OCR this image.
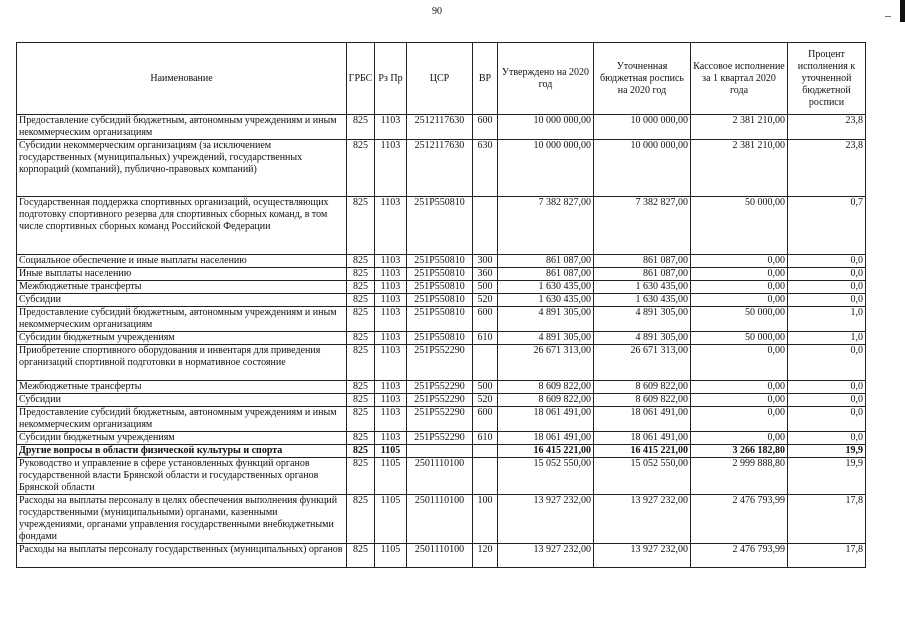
90
Наименование	ГРБС	Рз Пр	ЦСР	ВР	Утверждено на 2020 год	Уточненная бюджетная роспись на 2020 год	Кассовое исполнение за 1 квартал 2020 года	Процент исполнения к уточненной бюджетной росписи
Предоставление субсидий бюджетным, автономным учреждениям и иным некоммерческим организациям	825	1103	2512117630	600	10 000 000,00	10 000 000,00	2 381 210,00	23,8
Субсидии некоммерческим организациям (за исключением государственных (муниципальных) учреждений, государственных корпораций (компаний), публично-правовых компаний)	825	1103	2512117630	630	10 000 000,00	10 000 000,00	2 381 210,00	23,8
Государственная поддержка спортивных организаций, осуществляющих подготовку спортивного резерва для спортивных сборных команд, в том числе спортивных сборных команд Российской Федерации	825	1103	251P550810		7 382 827,00	7 382 827,00	50 000,00	0,7
Социальное обеспечение и иные выплаты населению	825	1103	251P550810	300	861 087,00	861 087,00	0,00	0,0
Иные выплаты населению	825	1103	251P550810	360	861 087,00	861 087,00	0,00	0,0
Межбюджетные трансферты	825	1103	251P550810	500	1 630 435,00	1 630 435,00	0,00	0,0
Субсидии	825	1103	251P550810	520	1 630 435,00	1 630 435,00	0,00	0,0
Предоставление субсидий бюджетным, автономным учреждениям и иным некоммерческим организациям	825	1103	251P550810	600	4 891 305,00	4 891 305,00	50 000,00	1,0
Субсидии бюджетным учреждениям	825	1103	251P550810	610	4 891 305,00	4 891 305,00	50 000,00	1,0
Приобретение спортивного оборудования и инвентаря для приведения организаций спортивной подготовки в нормативное состояние	825	1103	251P552290		26 671 313,00	26 671 313,00	0,00	0,0
Межбюджетные трансферты	825	1103	251P552290	500	8 609 822,00	8 609 822,00	0,00	0,0
Субсидии	825	1103	251P552290	520	8 609 822,00	8 609 822,00	0,00	0,0
Предоставление субсидий бюджетным, автономным учреждениям и иным некоммерческим организациям	825	1103	251P552290	600	18 061 491,00	18 061 491,00	0,00	0,0
Субсидии бюджетным учреждениям	825	1103	251P552290	610	18 061 491,00	18 061 491,00	0,00	0,0
Другие вопросы в области физической культуры и спорта	825	1105			16 415 221,00	16 415 221,00	3 266 182,80	19,9
Руководство и управление в сфере установленных функций органов государственной власти Брянской области и государственных органов Брянской области	825	1105	2501110100		15 052 550,00	15 052 550,00	2 999 888,80	19,9
Расходы на выплаты персоналу в целях обеспечения выполнения функций государственными (муниципальными) органами, казенными учреждениями, органами управления государственными внебюджетными фондами	825	1105	2501110100	100	13 927 232,00	13 927 232,00	2 476 793,99	17,8
Расходы на выплаты персоналу государственных (муниципальных) органов	825	1105	2501110100	120	13 927 232,00	13 927 232,00	2 476 793,99	17,8
